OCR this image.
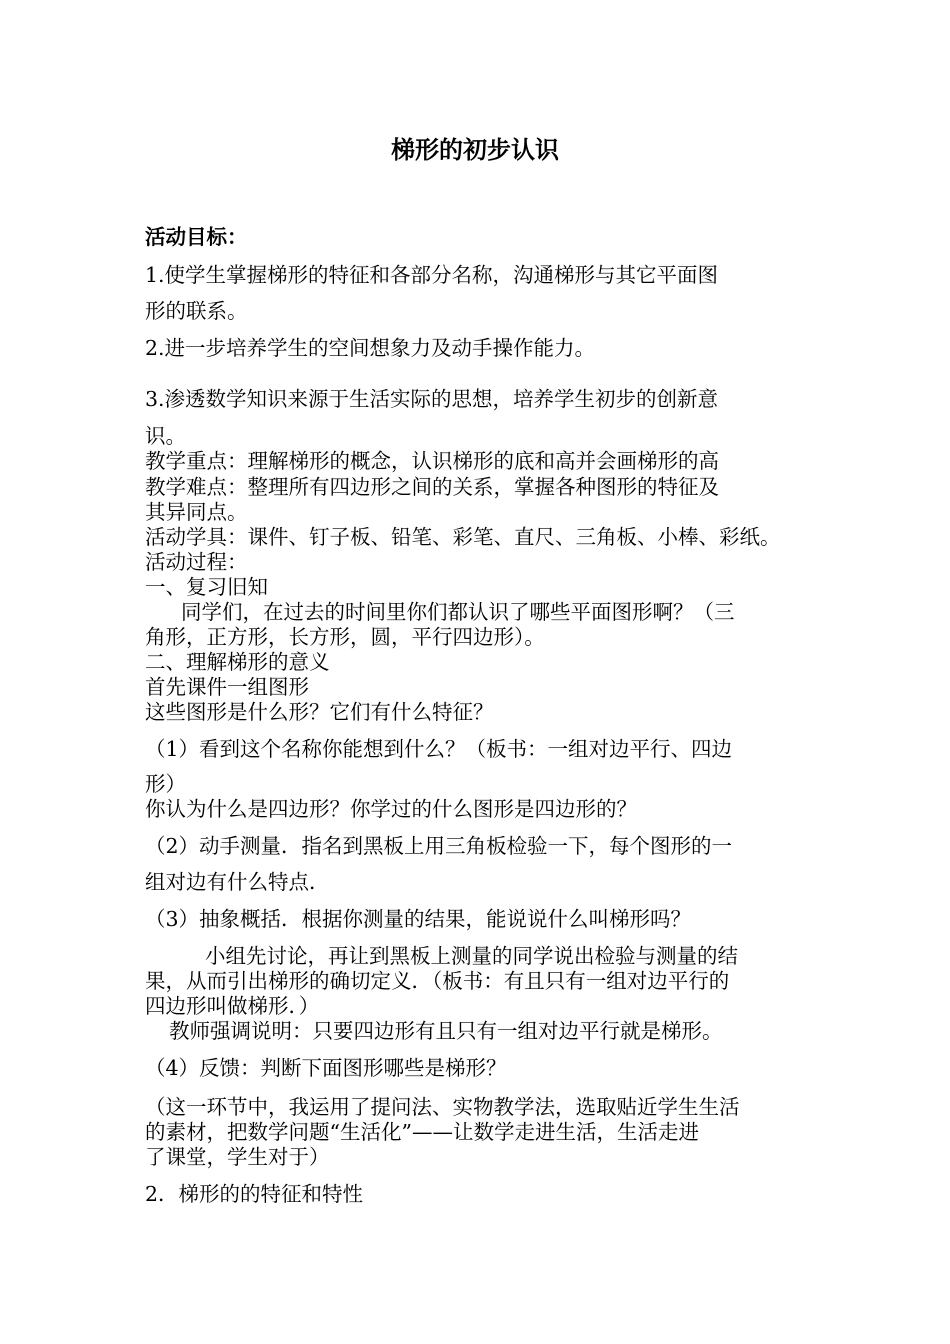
梯形的初步认识
活动目标：
1.使学生掌握梯形的特征和各部分名称，沟通梯形与其它平面图
形的联系。
2.进一步培养学生的空间想象力及动手操作能力。
3.渗透数学知识来源于生活实际的思想，培养学生初步的创新意
识。
教学重点：理解梯形的概念，认识梯形的底和高并会画梯形的高
教学难点：整理所有四边形之间的关系，掌握各种图形的特征及
其异同点。
活动学具：课件、钉子板、铅笔、彩笔、直尺、三角板、小棒、彩纸。
活动过程：
一、复习旧知
同学们，在过去的时间里你们都认识了哪些平面图形啊？（三
角形，正方形，长方形，圆，平行四边形）。
二、理解梯形的意义
首先课件一组图形
这些图形是什么形？它们有什么特征？
（1）看到这个名称你能想到什么？（板书：一组对边平行、四边
形）
你认为什么是四边形？你学过的什么图形是四边形的？
（2）动手测量．指名到黑板上用三角板检验一下，每个图形的一
组对边有什么特点．
（3）抽象概括．根据你测量的结果，能说说什么叫梯形吗？
小组先讨论，再让到黑板上测量的同学说出检验与测量的结
果，从而引出梯形的确切定义．（板书：有且只有一组对边平行的
四边形叫做梯形．）
教师强调说明：只要四边形有且只有一组对边平行就是梯形。
（4）反馈：判断下面图形哪些是梯形？
（这一环节中，我运用了提问法、实物教学法，选取贴近学生生活
的素材，把数学问题“生活化”——让数学走进生活，生活走进
了课堂，学生对于）
2．梯形的的特征和特性
